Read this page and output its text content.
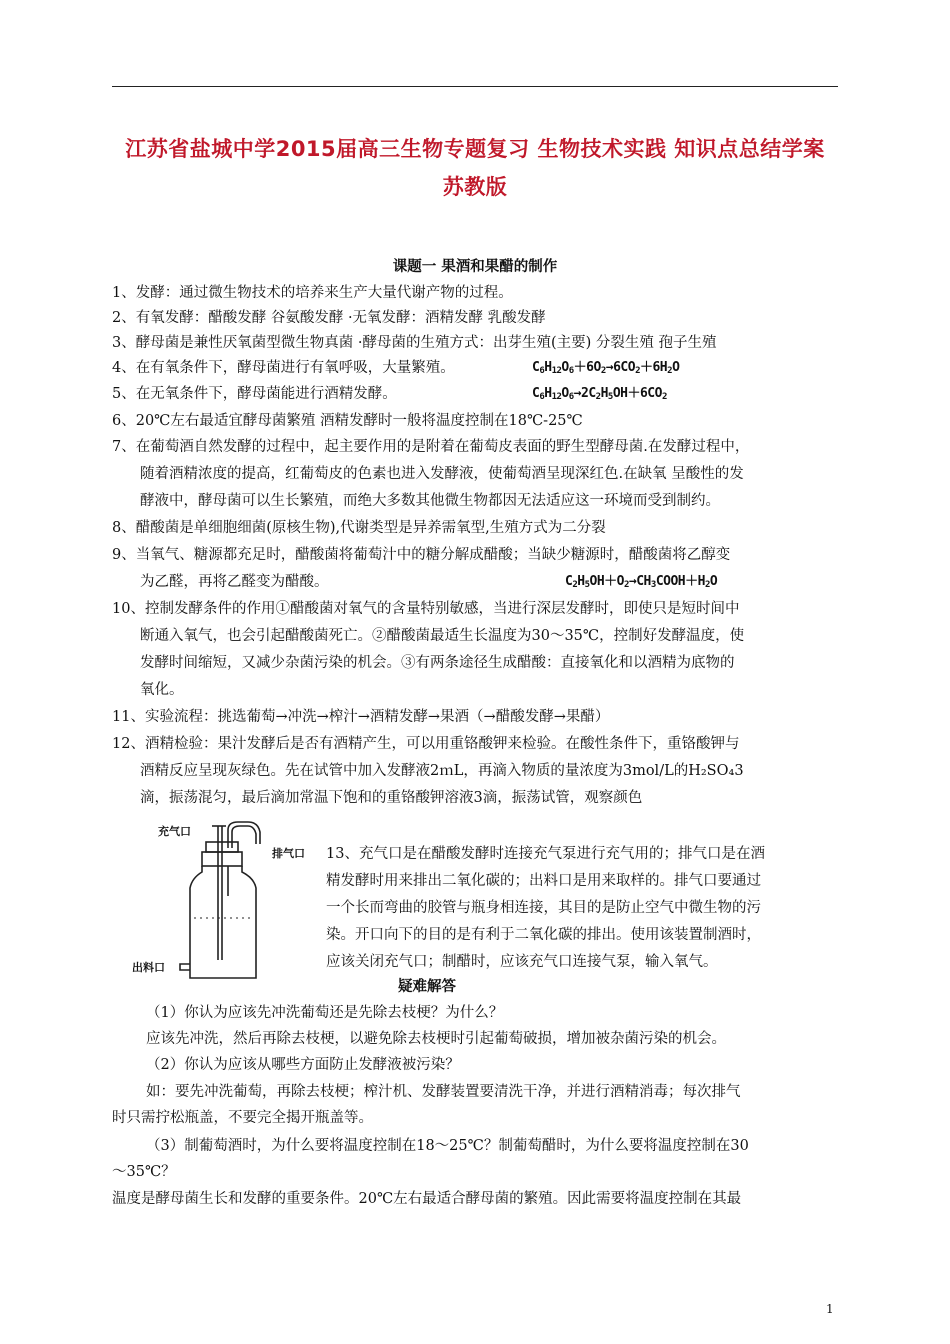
江苏省盐城中学2015届高三生物专题复习 生物技术实践 知识点总结学案
苏教版
课题一 果酒和果醋的制作
1、发酵：通过微生物技术的培养来生产大量代谢产物的过程。
2、有氧发酵：醋酸发酵 谷氨酸发酵 ·无氧发酵：酒精发酵 乳酸发酵
3、酵母菌是兼性厌氧菌型微生物真菌 ·酵母菌的生殖方式：出芽生殖(主要) 分裂生殖 孢子生殖
4、在有氧条件下，酵母菌进行有氧呼吸，大量繁殖。	$C_6H_{12}O_6+6O_2\to 6CO_2+6H_2O$
5、在无氧条件下，酵母菌能进行酒精发酵。	$C_6H_{12}O_6\to 2C_2H_5OH+6CO_2$
6、20℃左右最适宜酵母菌繁殖 酒精发酵时一般将温度控制在18℃-25℃
7、在葡萄酒自然发酵的过程中，起主要作用的是附着在葡萄皮表面的野生型酵母菌.在发酵过程中，
随着酒精浓度的提高，红葡萄皮的色素也进入发酵液，使葡萄酒呈现深红色.在缺氧 呈酸性的发
酵液中，酵母菌可以生长繁殖，而绝大多数其他微生物都因无法适应这一环境而受到制约。
8、醋酸菌是单细胞细菌(原核生物),代谢类型是异养需氧型,生殖方式为二分裂
9、当氧气、糖源都充足时，醋酸菌将葡萄汁中的糖分解成醋酸；当缺少糖源时，醋酸菌将乙醇变
为乙醛，再将乙醛变为醋酸。	$C_2H_5OH+O_2\to CH_3COOH+H_2O$
10、控制发酵条件的作用①醋酸菌对氧气的含量特别敏感，当进行深层发酵时，即使只是短时间中
断通入氧气，也会引起醋酸菌死亡。②醋酸菌最适生长温度为30～35℃，控制好发酵温度，使
发酵时间缩短，又减少杂菌污染的机会。③有两条途径生成醋酸：直接氧化和以酒精为底物的
氧化。
11、实验流程：挑选葡萄→冲洗→榨汁→酒精发酵→果酒（→醋酸发酵→果醋）
12、酒精检验：果汁发酵后是否有酒精产生，可以用重铬酸钾来检验。在酸性条件下，重铬酸钾与
酒精反应呈现灰绿色。先在试管中加入发酵液2ｍL，再滴入物质的量浓度为3mol/L的H₂SO₄3
滴，振荡混匀，最后滴加常温下饱和的重铬酸钾溶液3滴，振荡试管，观察颜色
充气口
排气口
出料口
13、充气口是在醋酸发酵时连接充气泵进行充气用的；排气口是在酒
精发酵时用来排出二氧化碳的；出料口是用来取样的。排气口要通过
一个长而弯曲的胶管与瓶身相连接，其目的是防止空气中微生物的污
染。开口向下的目的是有利于二氧化碳的排出。使用该装置制酒时，
应该关闭充气口；制醋时，应该充气口连接气泵，输入氧气。
疑难解答
（1）你认为应该先冲洗葡萄还是先除去枝梗？为什么？
应该先冲洗，然后再除去枝梗，以避免除去枝梗时引起葡萄破损，增加被杂菌污染的机会。
（2）你认为应该从哪些方面防止发酵液被污染？
如：要先冲洗葡萄，再除去枝梗；榨汁机、发酵装置要清洗干净，并进行酒精消毒；每次排气
时只需拧松瓶盖，不要完全揭开瓶盖等。
（3）制葡萄酒时，为什么要将温度控制在18～25℃？制葡萄醋时，为什么要将温度控制在30
～35℃？
温度是酵母菌生长和发酵的重要条件。20℃左右最适合酵母菌的繁殖。因此需要将温度控制在其最
1
